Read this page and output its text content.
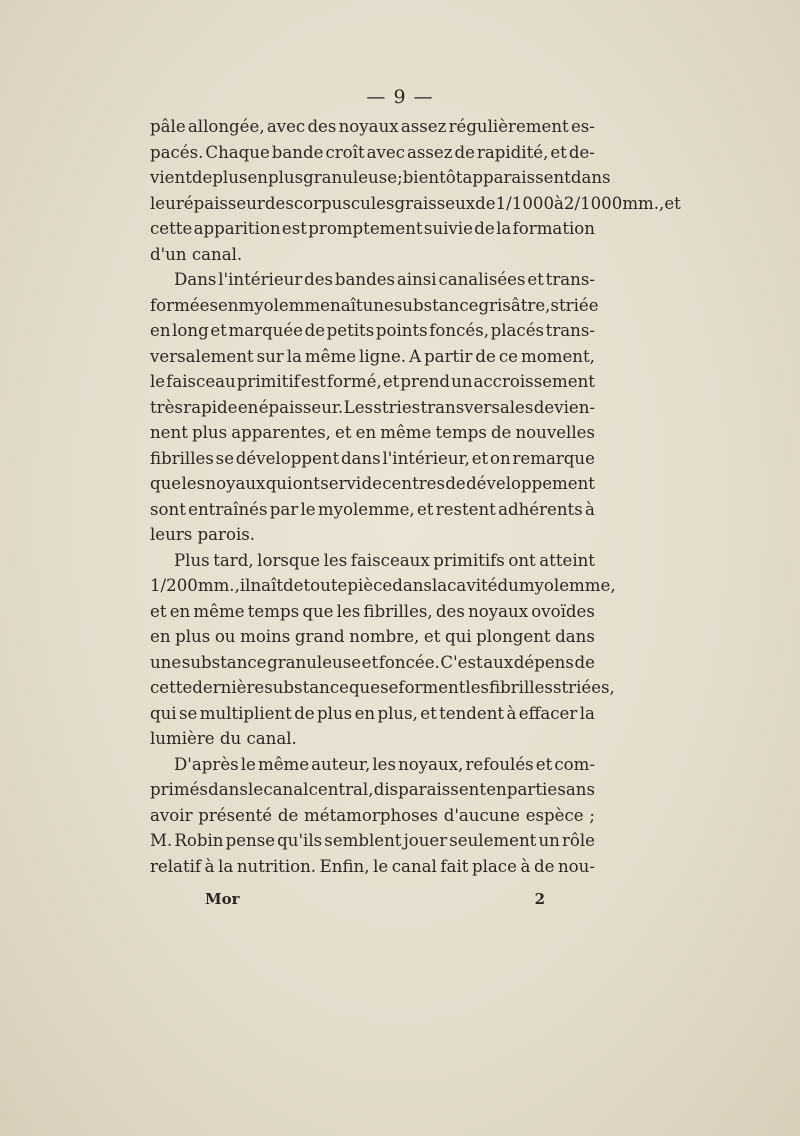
— 9 —
pâle allongée, avec des noyaux assez régulièrement es-
pacés. Chaque bande croît avec assez de rapidité, et de-
vient de plus en plus granuleuse ; bientôt apparaissent dans
leur épaisseur des corpuscules graisseux de 1/1000 à 2/1000 mm., et
cette apparition est promptement suivie de la formation
d'un canal.
Dans l'intérieur des bandes ainsi canalisées et trans-
formées en myolemme naît une substance grisâtre, striée
en long et marquée de petits points foncés, placés trans-
versalement sur la même ligne. A partir de ce moment,
le faisceau primitif est formé, et prend un accroissement
très rapide en épaisseur. Les stries transversales devien-
nent plus apparentes, et en même temps de nouvelles
fibrilles se développent dans l'intérieur, et on remarque
que les noyaux qui ont servi de centres de développement
sont entraînés par le myolemme, et restent adhérents à
leurs parois.
Plus tard, lorsque les faisceaux primitifs ont atteint
1/200 mm., il naît de toute pièce dans la cavité du myolemme,
et en même temps que les fibrilles, des noyaux ovoïdes
en plus ou moins grand nombre, et qui plongent dans
une substance granuleuse et foncée. C'est aux dépens de
cette dernière substance que se forment les fibrilles striées,
qui se multiplient de plus en plus, et tendent à effacer la
lumière du canal.
D'après le même auteur, les noyaux, refoulés et com-
primés dans le canal central, disparaissent en partie sans
avoir présenté de métamorphoses d'aucune espèce ;
M. Robin pense qu'ils semblent jouer seulement un rôle
relatif à la nutrition. Enfin, le canal fait place à de nou-
Mor	2
